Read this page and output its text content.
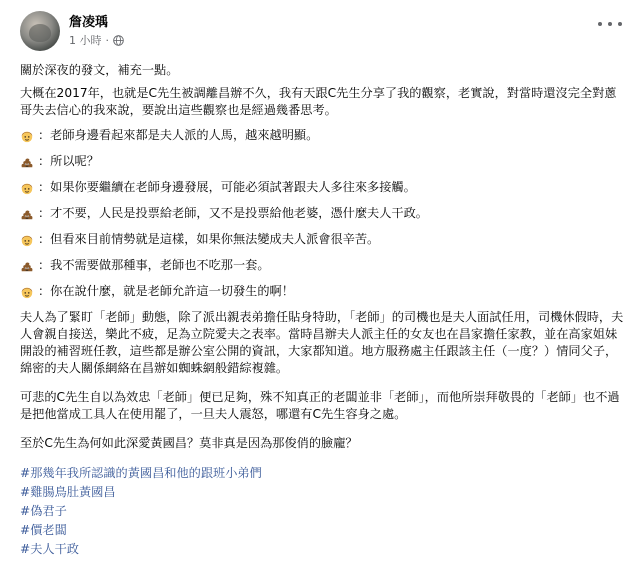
詹凌瑀
1 小時 ·

關於深夜的發文，補充一點。

大概在2017年，也就是C先生被調離昌辦不久，我有天跟C先生分享了我的觀察，老實說，對當時還沒完全對蔥哥失去信心的我來說，要說出這些觀察也是經過幾番思考。

：老師身邊看起來都是夫人派的人馬，越來越明顯。
：所以呢？
：如果你要繼續在老師身邊發展，可能必須試著跟夫人多往來多接觸。
：才不要，人民是投票給老師，又不是投票給他老婆，憑什麼夫人干政。
：但看來目前情勢就是這樣，如果你無法變成夫人派會很辛苦。
：我不需要做那種事，老師也不吃那一套。
：你在說什麼，就是老師允許這一切發生的啊！

夫人為了緊盯「老師」動態，除了派出親表弟擔任貼身特助，「老師」的司機也是夫人面試任用，司機休假時，夫人會親自接送，樂此不疲，足為立院愛夫之表率。當時昌辦夫人派主任的女友也在昌家擔任家教，並在高家姐妹開設的補習班任教，這些都是辦公室公開的資訊，大家都知道。地方服務處主任跟該主任（一度？）情同父子，綿密的夫人關係網絡在昌辦如蜘蛛網般錯綜複雜。

可悲的C先生自以為效忠「老師」便已足夠，殊不知真正的老闆並非「老師」，而他所崇拜敬畏的「老師」也不過是把他當成工具人在使用罷了，一旦夫人震怒，哪還有C先生容身之處。

至於C先生為何如此深愛黃國昌？莫非真是因為那俊俏的臉龐？

#那幾年我所認識的黃國昌和他的跟班小弟們
#雞腸鳥肚黃國昌
#偽君子
#價老闆
#夫人干政
